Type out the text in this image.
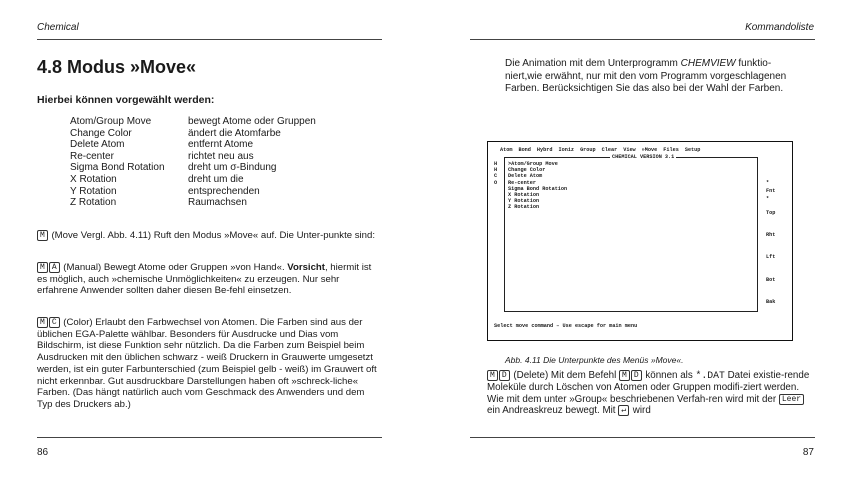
Chemical
4.8 Modus »Move«
Hierbei können vorgewählt werden:
Atom/Group Move	bewegt Atome oder Gruppen
Change Color	ändert die Atomfarbe
Delete Atom	entfernt Atome
Re-center	richtet neu aus
Sigma Bond Rotation	dreht um σ-Bindung
X Rotation	dreht um die
Y Rotation	entsprechenden
Z Rotation	Raumachsen
M (Move Vergl. Abb. 4.11) Ruft den Modus »Move« auf. Die Unter-punkte sind:
M A (Manual) Bewegt Atome oder Gruppen »von Hand«. Vorsicht, hiermit ist es möglich, auch »chemische Unmöglichkeiten« zu erzeugen. Nur sehr erfahrene Anwender sollten daher diesen Be-fehl einsetzen.
M C (Color) Erlaubt den Farbwechsel von Atomen. Die Farben sind aus der üblichen EGA-Palette wählbar. Besonders für Ausdrucke und Dias vom Bildschirm, ist diese Funktion sehr nützlich. Da die Farben zum Beispiel beim Ausdrucken mit den üblichen schwarz - weiß Druckern in Grauwerte umgesetzt werden, ist ein guter Farbunterschied (zum Beispiel gelb - weiß) im Grauwert oft nicht erkennbar. Gut ausdruckbare Darstellungen haben oft »schreck-liche« Farben. (Das hängt natürlich auch vom Geschmack des Anwenders und dem Typ des Druckers ab.)
86
Kommandoliste
Die Animation mit dem Unterprogramm CHEMVIEW funktio-niert,wie erwähnt, nur mit den vom Programm vorgeschlagenen Farben. Berücksichtigen Sie das also bei der Wahl der Farben.
Atom Bond Hybrd Ioniz Group Clear View »Move Files Setup
CHEMICAL VERSION 3.1
H
H
C
O
>Atom/Group Move
Change Color
Delete Atom
Re-center
Sigma Bond Rotation
X Rotation
Y Rotation
Z Rotation
*
Fnt
*
Top
Rht
Lft
Bot
Bak
Select move command – Use escape for main menu
Abb. 4.11 Die Unterpunkte des Menüs »Move«.
M D (Delete) Mit dem Befehl M D können als *.DAT Datei existie-rende Moleküle durch Löschen von Atomen oder Gruppen modifi-ziert werden. Wie mit dem unter »Group« beschriebenen Verfah-ren wird mit der Leer ein Andreaskreuz bewegt. Mit ↵ wird
87
